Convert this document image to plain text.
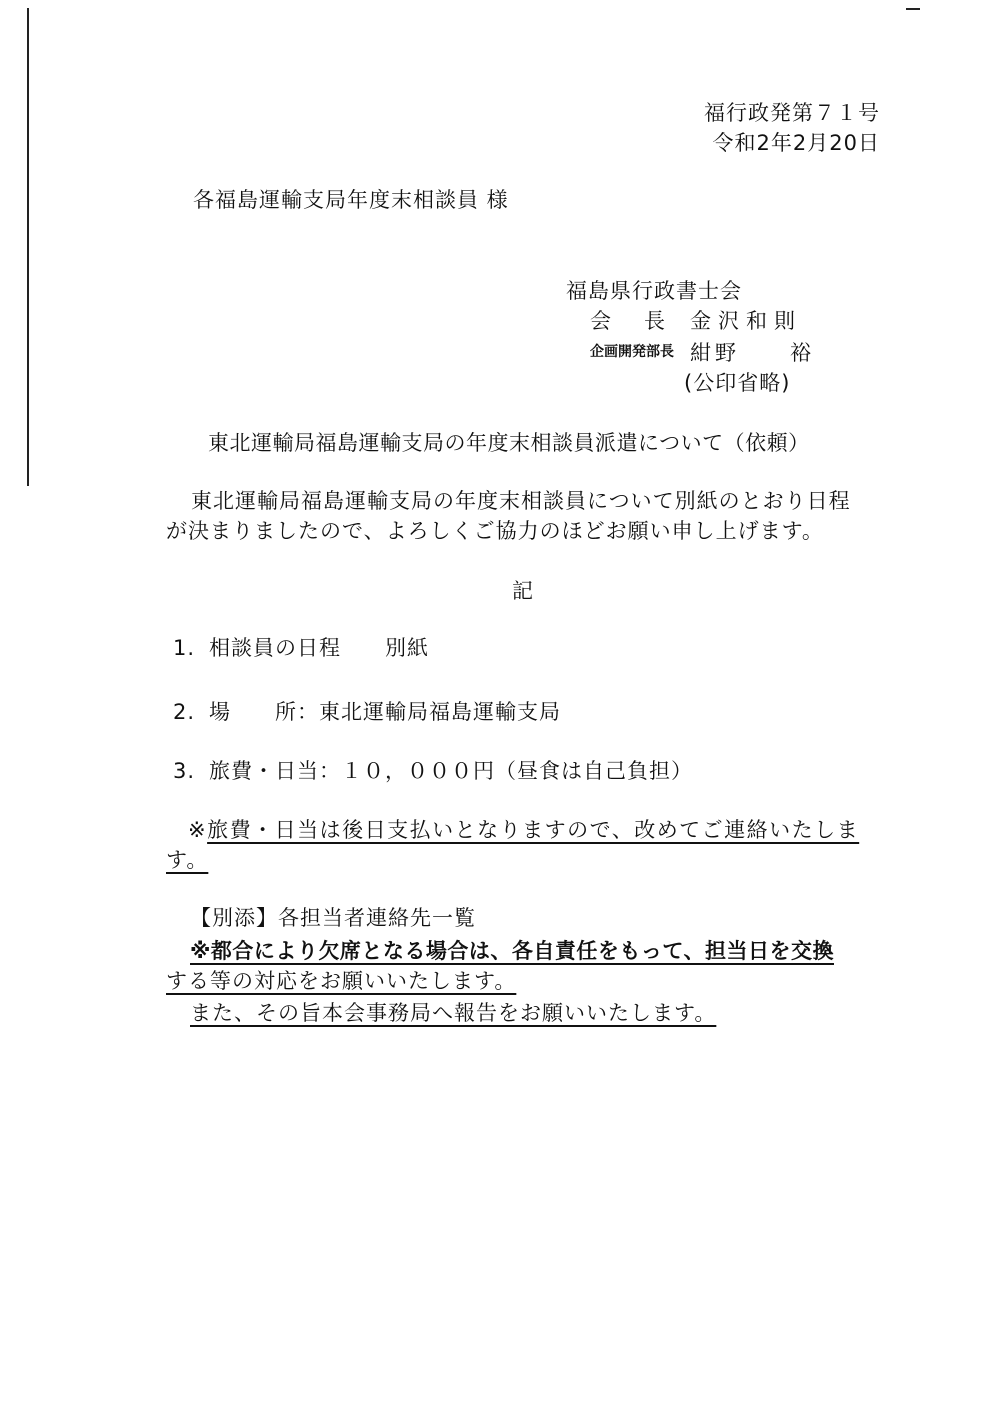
福行政発第７１号
令和2年2月20日
各福島運輸支局年度末相談員 様
福島県行政書士会
会　長 金沢和則
企画開発部長 紺野　　裕
(公印省略)
東北運輸局福島運輸支局の年度末相談員派遣について（依頼）
東北運輸局福島運輸支局の年度末相談員について別紙のとおり日程
が決まりましたので、よろしくご協力のほどお願い申し上げます。
記
1. 相談員の日程 別紙
2. 場　　所：東北運輸局福島運輸支局
3. 旅費・日当：１０，０００円（昼食は自己負担）
※旅費・日当は後日支払いとなりますので、改めてご連絡いたしま
す。
【別添】各担当者連絡先一覧
※都合により欠席となる場合は、各自責任をもって、担当日を交換
する等の対応をお願いいたします。
また、その旨本会事務局へ報告をお願いいたします。
